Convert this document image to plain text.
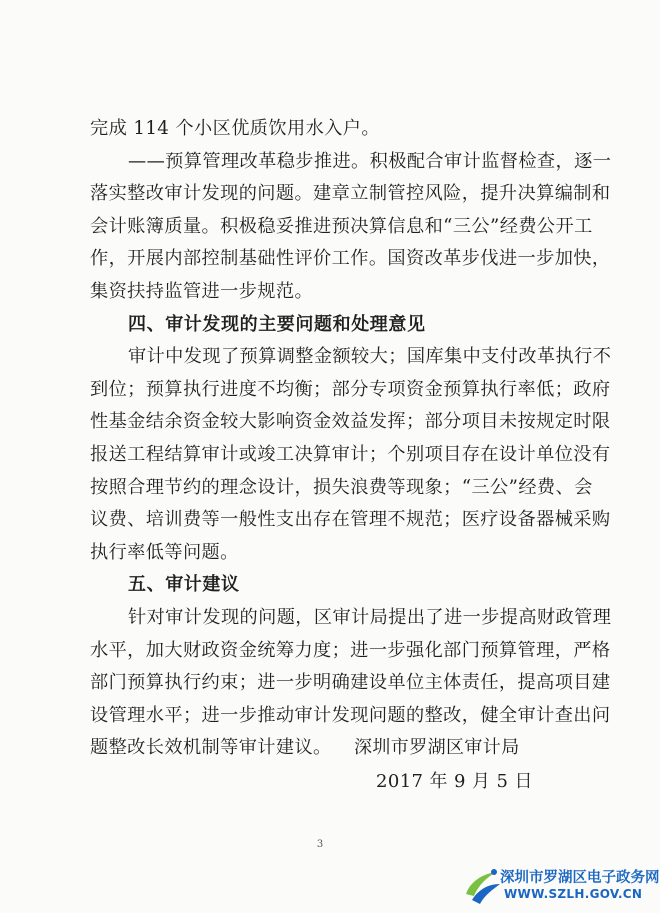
完成 114 个小区优质饮用水入户。
——预算管理改革稳步推进。积极配合审计监督检查，逐一
落实整改审计发现的问题。建章立制管控风险，提升决算编制和
会计账簿质量。积极稳妥推进预决算信息和“三公”经费公开工
作，开展内部控制基础性评价工作。国资改革步伐进一步加快，
集资扶持监管进一步规范。
四、审计发现的主要问题和处理意见
审计中发现了预算调整金额较大；国库集中支付改革执行不
到位；预算执行进度不均衡；部分专项资金预算执行率低；政府
性基金结余资金较大影响资金效益发挥；部分项目未按规定时限
报送工程结算审计或竣工决算审计；个别项目存在设计单位没有
按照合理节约的理念设计，损失浪费等现象；“三公”经费、会
议费、培训费等一般性支出存在管理不规范；医疗设备器械采购
执行率低等问题。
五、审计建议
针对审计发现的问题，区审计局提出了进一步提高财政管理
水平，加大财政资金统筹力度；进一步强化部门预算管理，严格
部门预算执行约束；进一步明确建设单位主体责任，提高项目建
设管理水平；进一步推动审计发现问题的整改，健全审计查出问
题整改长效机制等审计建议。 深圳市罗湖区审计局
2017 年 9 月 5 日
3
深圳市罗湖区电子政务网
WWW.SZLH.GOV.CN
